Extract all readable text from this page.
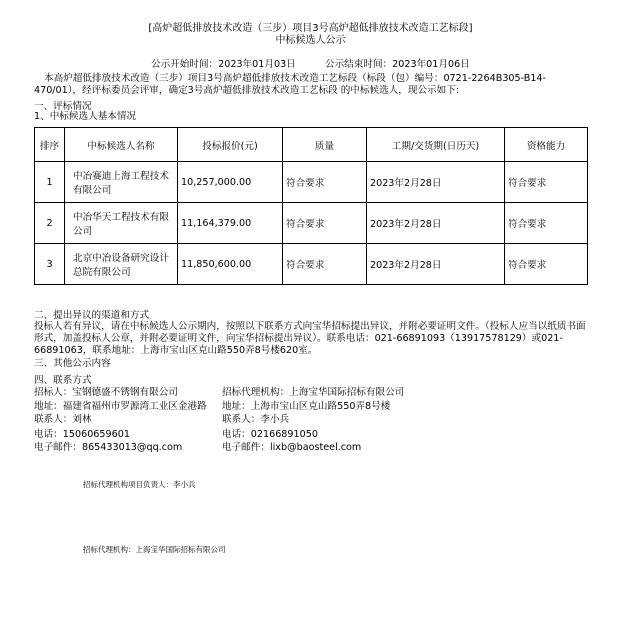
[高炉超低排放技术改造（三步）项目3号高炉超低排放技术改造工艺标段]
中标候选人公示
公示开始时间：2023年01月03日	公示结束时间：2023年01月06日
本高炉超低排放技术改造（三步）项目3号高炉超低排放技术改造工艺标段（标段（包）编号：0721-2264B305-B14-470/01），经评标委员会评审，确定3号高炉超低排放技术改造工艺标段 的中标候选人，现公示如下:
一、评标情况
1、中标候选人基本情况
排序	中标候选人名称	投标报价(元)	质量	工期/交货期(日历天)	资格能力
1	中冶赛迪上海工程技术有限公司	10,257,000.00	符合要求	2023年2月28日	符合要求
2	中冶华天工程技术有限公司	11,164,379.00	符合要求	2023年2月28日	符合要求
3	北京中冶设备研究设计总院有限公司	11,850,600.00	符合要求	2023年2月28日	符合要求
二、提出异议的渠道和方式
投标人若有异议，请在中标候选人公示期内，按照以下联系方式向宝华招标提出异议，并附必要证明文件。（投标人应当以纸质书面形式，加盖投标人公章，并附必要证明文件，向宝华招标提出异议）。联系电话：021-66891093（13917578129）或021-66891063，联系地址：上海市宝山区克山路550弄8号楼620室。
三、其他公示内容
四、联系方式
招标人：宝钢德盛不锈钢有限公司
地址：福建省福州市罗源湾工业区金港路
联系人：刘林
电话：15060659601
电子邮件：865433013@qq.com
招标代理机构：上海宝华国际招标有限公司
地址：上海市宝山区克山路550弄8号楼
联系人：李小兵
电话：02166891050
电子邮件：lixb@baosteel.com
招标代理机构项目负责人：李小兵
招标代理机构：上海宝华国际招标有限公司
